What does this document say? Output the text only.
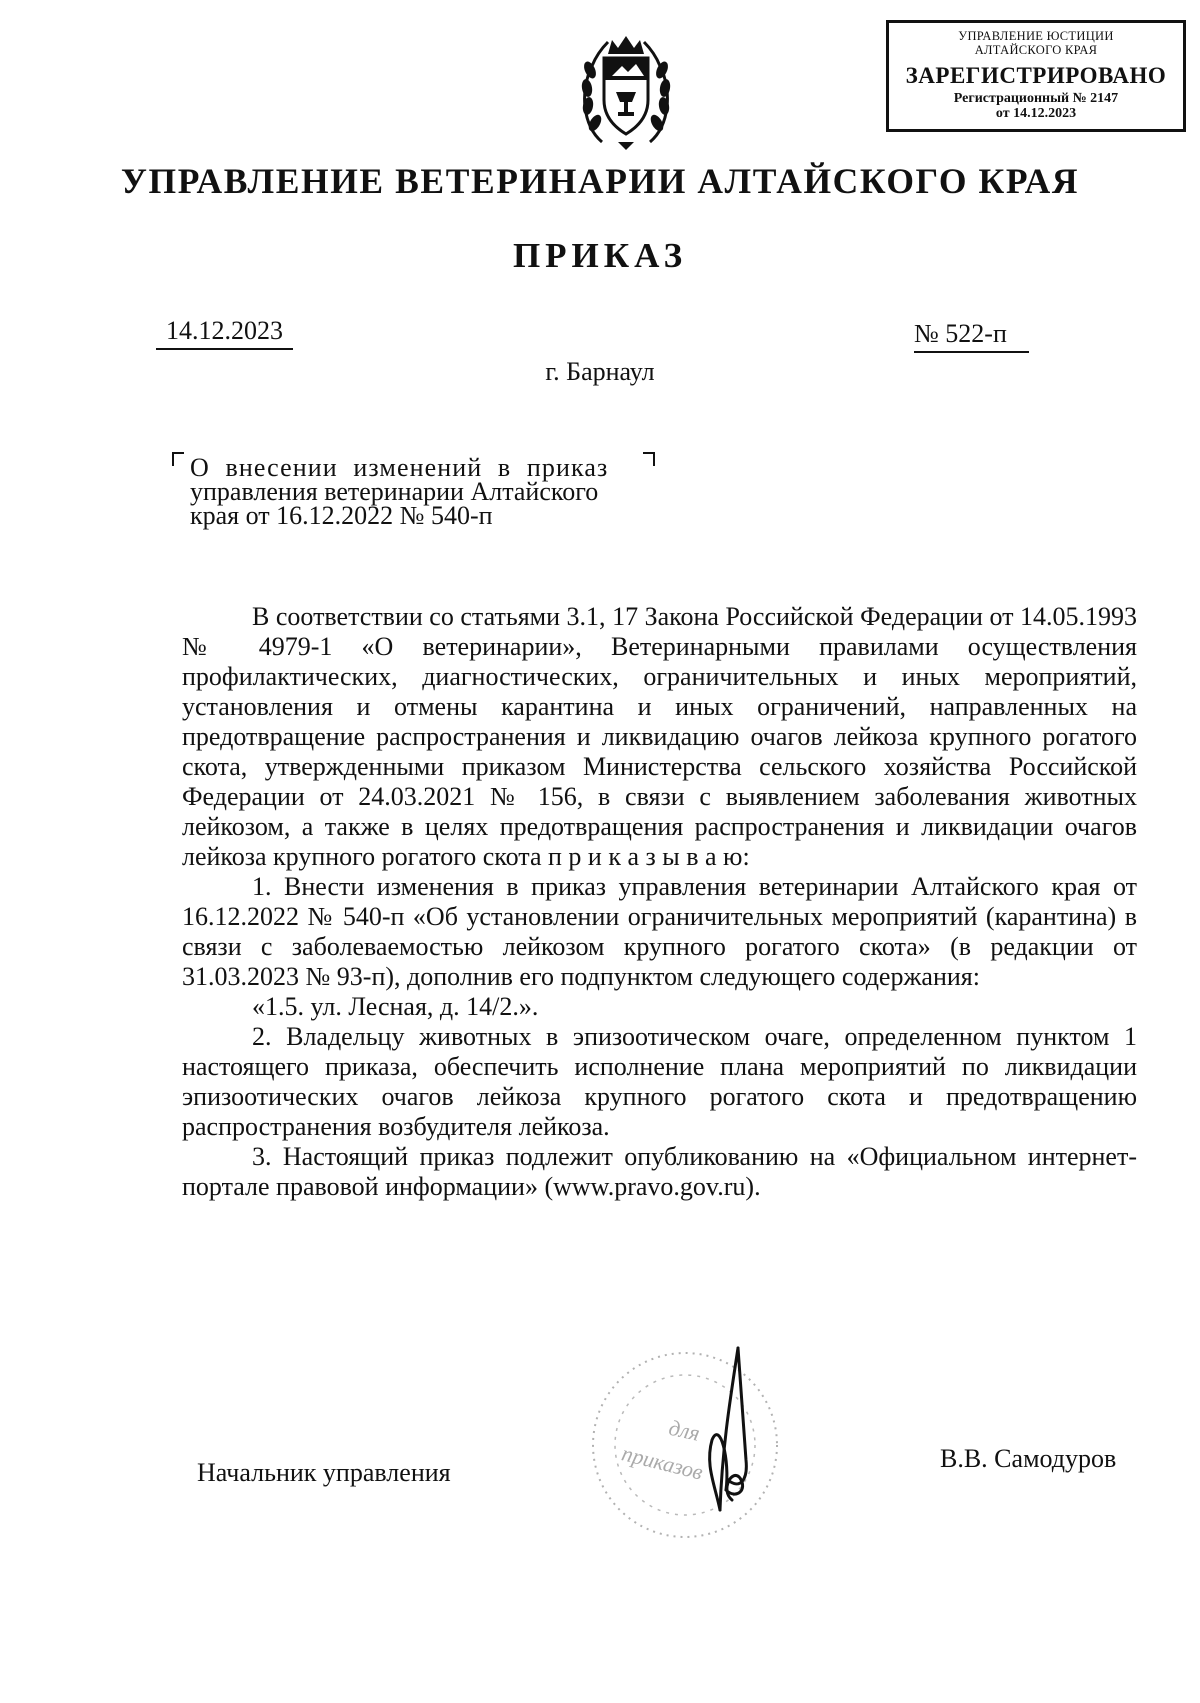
УПРАВЛЕНИЕ ЮСТИЦИИ
АЛТАЙСКОГО КРАЯ
ЗАРЕГИСТРИРОВАНО
Регистрационный № 2147
от 14.12.2023
УПРАВЛЕНИЕ ВЕТЕРИНАРИИ АЛТАЙСКОГО КРАЯ
ПРИКАЗ
14.12.2023	№ 522-п
г. Барнаул
О внесении изменений в приказ
управления ветеринарии Алтайского
края от 16.12.2022 № 540-п

В соответствии со статьями 3.1, 17 Закона Российской Федерации от 14.05.1993 № 4979-1 «О ветеринарии», Ветеринарными правилами осуществления профилактических, диагностических, ограничительных и иных мероприятий, установления и отмены карантина и иных ограничений, направленных на предотвращение распространения и ликвидацию очагов лейкоза крупного рогатого скота, утвержденными приказом Министерства сельского хозяйства Российской Федерации от 24.03.2021 № 156, в связи с выявлением заболевания животных лейкозом, а также в целях предотвращения распространения и ликвидации очагов лейкоза крупного рогатого скота п р и к а з ы в а ю:

1. Внести изменения в приказ управления ветеринарии Алтайского края от 16.12.2022 № 540-п «Об установлении ограничительных мероприятий (карантина) в связи с заболеваемостью лейкозом крупного рогатого скота» (в редакции от 31.03.2023 № 93-п), дополнив его подпунктом следующего содержания:

«1.5. ул. Лесная, д. 14/2.».

2. Владельцу животных в эпизоотическом очаге, определенном пунктом 1 настоящего приказа, обеспечить исполнение плана мероприятий по ликвидации эпизоотических очагов лейкоза крупного рогатого скота и предотвращению распространения возбудителя лейкоза.

3. Настоящий приказ подлежит опубликованию на «Официальном интернет-портале правовой информации» (www.pravo.gov.ru).

Начальник управления	В.В. Самодуров
для
приказов
